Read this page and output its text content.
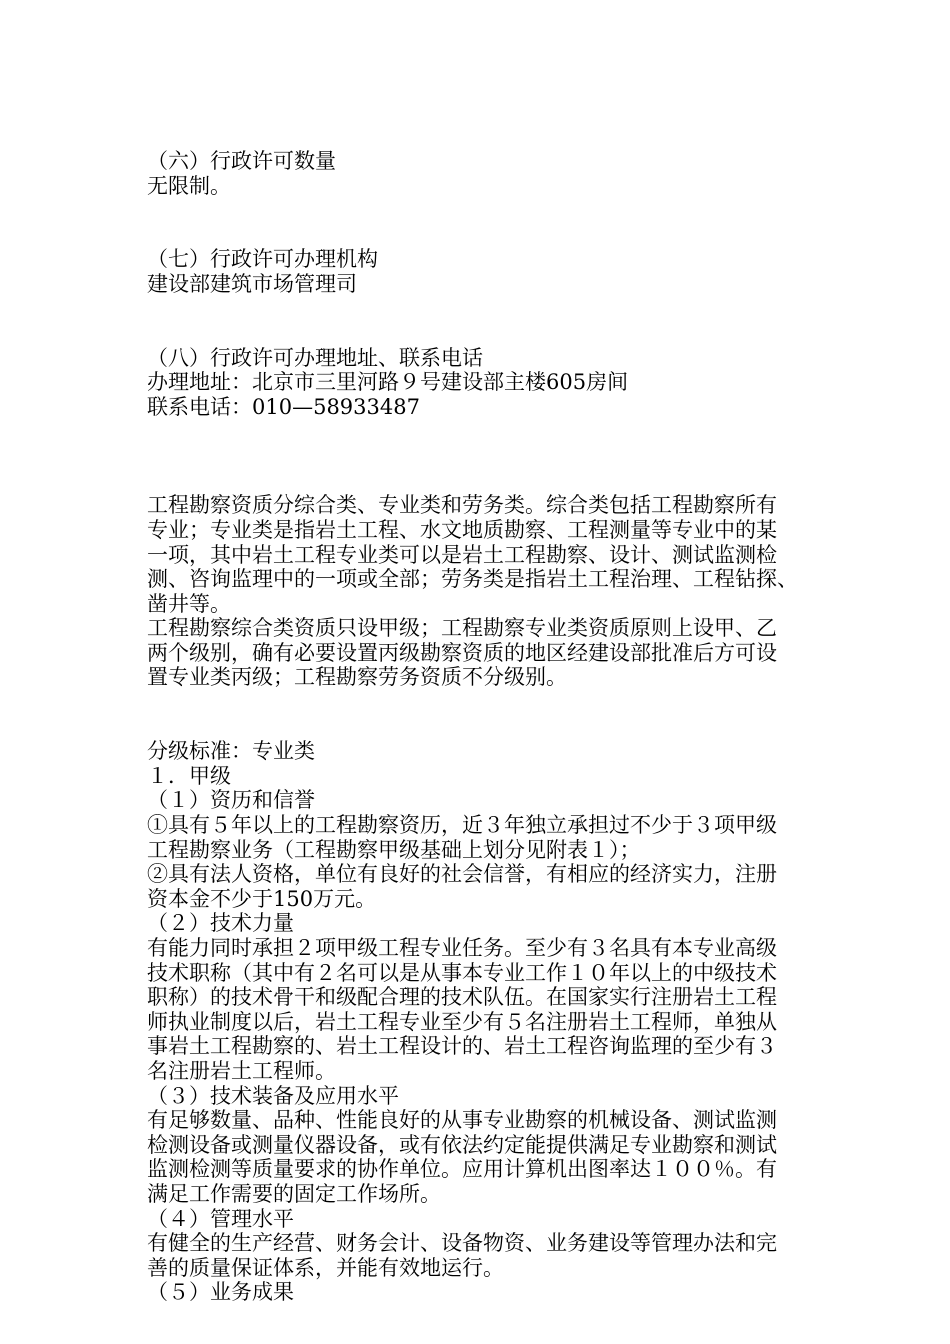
（六）行政许可数量
无限制。
（七）行政许可办理机构
建设部建筑市场管理司
（八）行政许可办理地址、联系电话
办理地址：北京市三里河路９号建设部主楼605房间
联系电话：010—58933487
工程勘察资质分综合类、专业类和劳务类。综合类包括工程勘察所有
专业；专业类是指岩土工程、水文地质勘察、工程测量等专业中的某
一项，其中岩土工程专业类可以是岩土工程勘察、设计、测试监测检
测、咨询监理中的一项或全部；劳务类是指岩土工程治理、工程钻探、
凿井等。
工程勘察综合类资质只设甲级；工程勘察专业类资质原则上设甲、乙
两个级别，确有必要设置丙级勘察资质的地区经建设部批准后方可设
置专业类丙级；工程勘察劳务资质不分级别。
分级标准：专业类
１．甲级
（１）资历和信誉
①具有５年以上的工程勘察资历，近３年独立承担过不少于３项甲级
工程勘察业务（工程勘察甲级基础上划分见附表１）；
②具有法人资格，单位有良好的社会信誉，有相应的经济实力，注册
资本金不少于150万元。
（２）技术力量
有能力同时承担２项甲级工程专业任务。至少有３名具有本专业高级
技术职称（其中有２名可以是从事本专业工作１０年以上的中级技术
职称）的技术骨干和级配合理的技术队伍。在国家实行注册岩土工程
师执业制度以后，岩土工程专业至少有５名注册岩土工程师，单独从
事岩土工程勘察的、岩土工程设计的、岩土工程咨询监理的至少有３
名注册岩土工程师。
（３）技术装备及应用水平
有足够数量、品种、性能良好的从事专业勘察的机械设备、测试监测
检测设备或测量仪器设备，或有依法约定能提供满足专业勘察和测试
监测检测等质量要求的协作单位。应用计算机出图率达１００％。有
满足工作需要的固定工作场所。
（４）管理水平
有健全的生产经营、财务会计、设备物资、业务建设等管理办法和完
善的质量保证体系，并能有效地运行。
（５）业务成果
